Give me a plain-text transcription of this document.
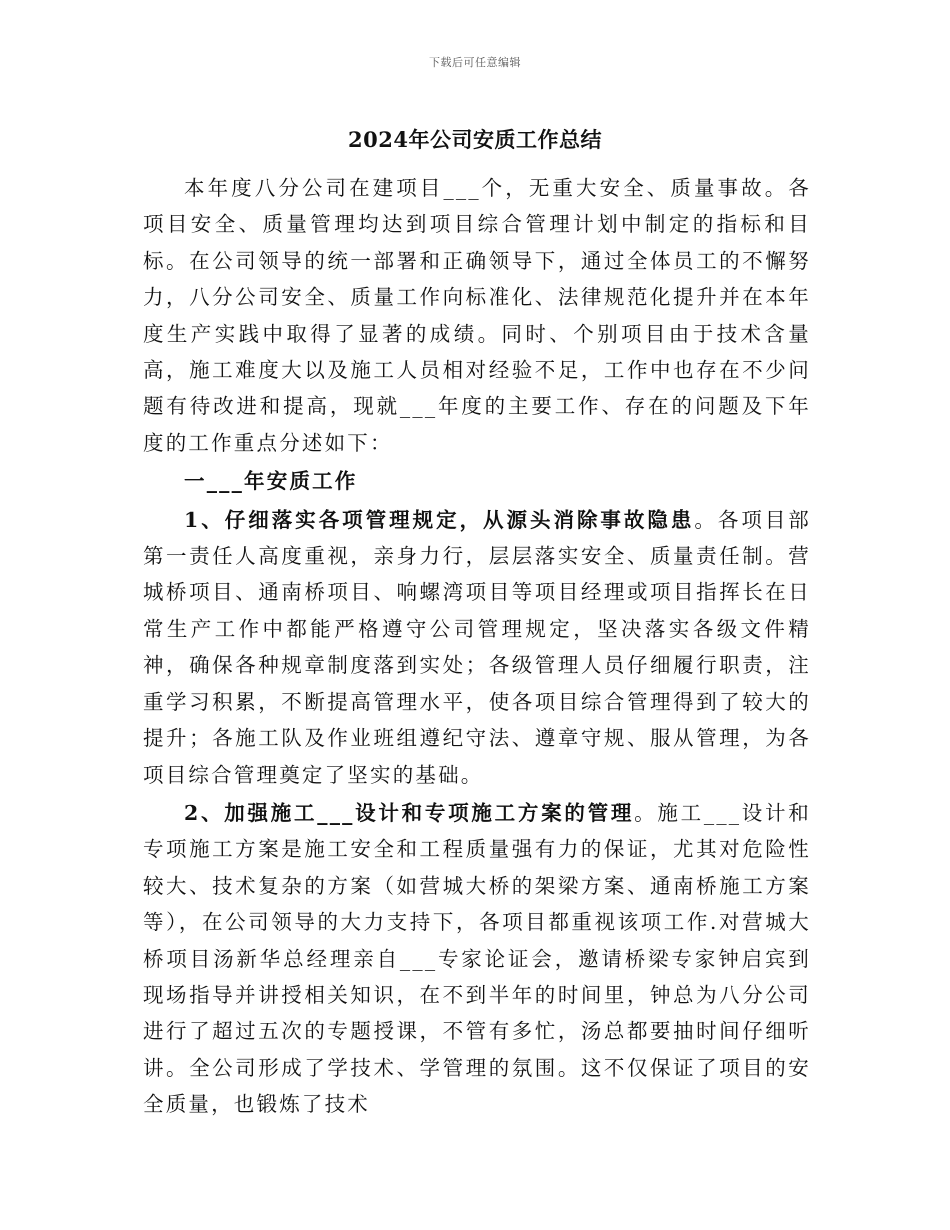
下载后可任意编辑
2024年公司安质工作总结

本年度八分公司在建项目___个，无重大安全、质量事故。各项目安全、质量管理均达到项目综合管理计划中制定的指标和目标。在公司领导的统一部署和正确领导下，通过全体员工的不懈努力，八分公司安全、质量工作向标准化、法律规范化提升并在本年度生产实践中取得了显著的成绩。同时、个别项目由于技术含量高，施工难度大以及施工人员相对经验不足，工作中也存在不少问题有待改进和提高，现就___年度的主要工作、存在的问题及下年度的工作重点分述如下：

一___年安质工作

1、仔细落实各项管理规定，从源头消除事故隐患。各项目部第一责任人高度重视，亲身力行，层层落实安全、质量责任制。营城桥项目、通南桥项目、响螺湾项目等项目经理或项目指挥长在日常生产工作中都能严格遵守公司管理规定，坚决落实各级文件精神，确保各种规章制度落到实处；各级管理人员仔细履行职责，注重学习积累，不断提高管理水平，使各项目综合管理得到了较大的提升；各施工队及作业班组遵纪守法、遵章守规、服从管理，为各项目综合管理奠定了坚实的基础。

2、加强施工___设计和专项施工方案的管理。施工___设计和专项施工方案是施工安全和工程质量强有力的保证，尤其对危险性较大、技术复杂的方案（如营城大桥的架梁方案、通南桥施工方案等），在公司领导的大力支持下，各项目都重视该项工作.对营城大桥项目汤新华总经理亲自___专家论证会，邀请桥梁专家钟启宾到现场指导并讲授相关知识，在不到半年的时间里，钟总为八分公司进行了超过五次的专题授课，不管有多忙，汤总都要抽时间仔细听讲。全公司形成了学技术、学管理的氛围。这不仅保证了项目的安全质量，也锻炼了技术
